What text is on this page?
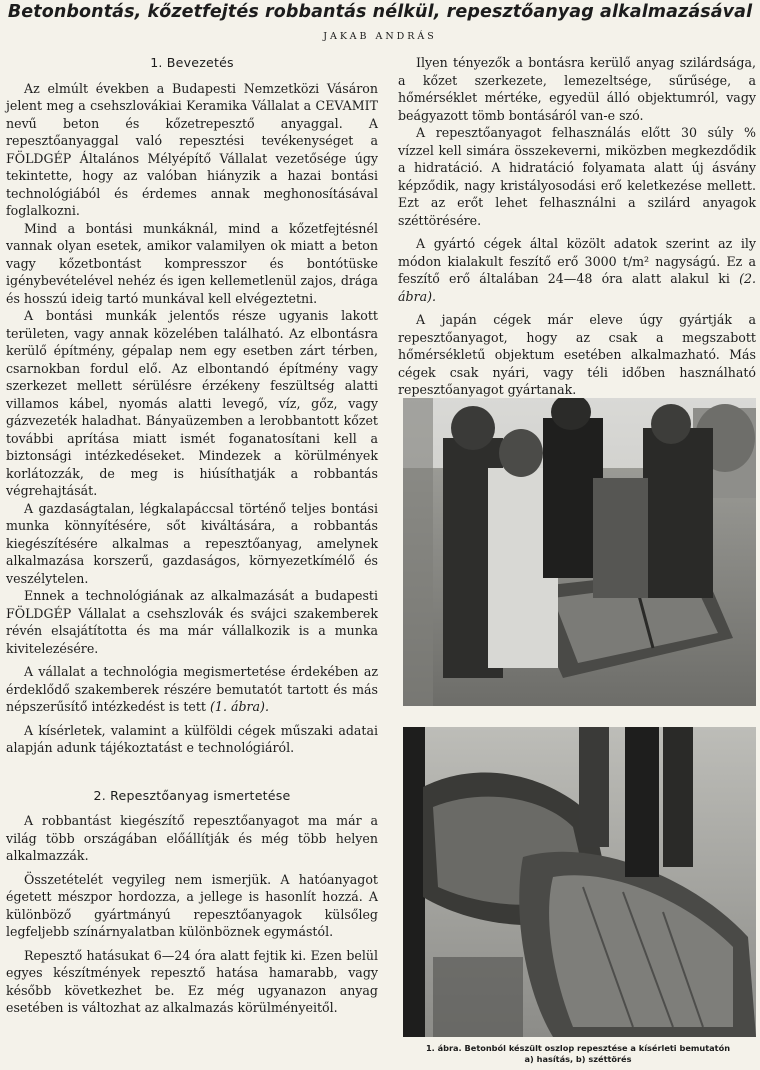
Betonbontás, kőzetfejtés robbantás nélkül, repesztőanyag alkalmazásával
JAKAB ANDRÁS
1. Bevezetés

Az elmúlt években a Budapesti Nemzetközi Vásáron jelent meg a csehszlovákiai Keramika Vállalat a CEVAMIT nevű beton és kőzetrepesztő anyaggal. A repesztőanyaggal való repesztési tevékenységet a FÖLDGÉP Általános Mélyépítő Vállalat vezetősége úgy tekintette, hogy az valóban hiányzik a hazai bontási technológiából és érdemes annak meghonosításával foglalkozni.

Mind a bontási munkáknál, mind a kőzetfejtésnél vannak olyan esetek, amikor valamilyen ok miatt a beton vagy kőzetbontást kompresszor és bontótüske igénybevételével nehéz és igen kellemetlenül zajos, drága és hosszú ideig tartó munkával kell elvégeztetni.

A bontási munkák jelentős része ugyanis lakott területen, vagy annak közelében található. Az elbontásra kerülő építmény, gépalap nem egy esetben zárt térben, csarnokban fordul elő. Az elbontandó építmény vagy szerkezet mellett sérülésre érzékeny feszültség alatti villamos kábel, nyomás alatti levegő, víz, gőz, vagy gázvezeték haladhat. Bányaüzemben a lerobbantott kőzet további aprítása miatt ismét foganatosítani kell a biztonsági intézkedéseket. Mindezek a körülmények korlátozzák, de meg is hiúsíthatják a robbantás végrehajtását.

A gazdaságtalan, légkalapáccsal történő teljes bontási munka könnyítésére, sőt kiváltására, a robbantás kiegészítésére alkalmas a repesztőanyag, amelynek alkalmazása korszerű, gazdaságos, környezetkímélő és veszélytelen.

Ennek a technológiának az alkalmazását a budapesti FÖLDGÉP Vállalat a csehszlovák és svájci szakemberek révén elsajátította és ma már vállalkozik is a munka kivitelezésére.

A vállalat a technológia megismertetése érdekében az érdeklődő szakemberek részére bemutatót tartott és más népszerűsítő intézkedést is tett (1. ábra).

A kísérletek, valamint a külföldi cégek műszaki adatai alapján adunk tájékoztatást e technológiáról.

2. Repesztőanyag ismertetése

A robbantást kiegészítő repesztőanyagot ma már a világ több országában előállítják és még több helyen alkalmazzák.

Összetételét vegyileg nem ismerjük. A hatóanyagot égetett mészpor hordozza, a jellege is hasonlít hozzá. A különböző gyártmányú repesztőanyagok külsőleg legfeljebb színárnyalatban különböznek egymástól.

Repesztő hatásukat 6—24 óra alatt fejtik ki. Ezen belül egyes készítmények repesztő hatása hamarabb, vagy később következhet be. Ez még ugyanazon anyag esetében is változhat az alkalmazás körülményeitől.

Ilyen tényezők a bontásra kerülő anyag szilárdsága, a kőzet szerkezete, lemezeltsége, sűrűsége, a hőmérséklet mértéke, egyedül álló objektumról, vagy beágyazott tömb bontásáról van-e szó.

A repesztőanyagot felhasználás előtt 30 súly % vízzel kell simára összekeverni, miközben megkezdődik a hidratáció. A hidratáció folyamata alatt új ásvány képződik, nagy kristályosodási erő keletkezése mellett. Ezt az erőt lehet felhasználni a szilárd anyagok széttörésére.

A gyártó cégek által közölt adatok szerint az ily módon kialakult feszítő erő 3000 t/m² nagyságú. Ez a feszítő erő általában 24—48 óra alatt alakul ki (2. ábra).

A japán cégek már eleve úgy gyártják a repesztőanyagot, hogy az csak a megszabott hőmérsékletű objektum esetében alkalmazható. Más cégek csak nyári, vagy téli időben használható repesztőanyagot gyártanak.

1. ábra. Betonból készült oszlop repesztése a kísérleti bemutatón
a) hasítás, b) széttörés
